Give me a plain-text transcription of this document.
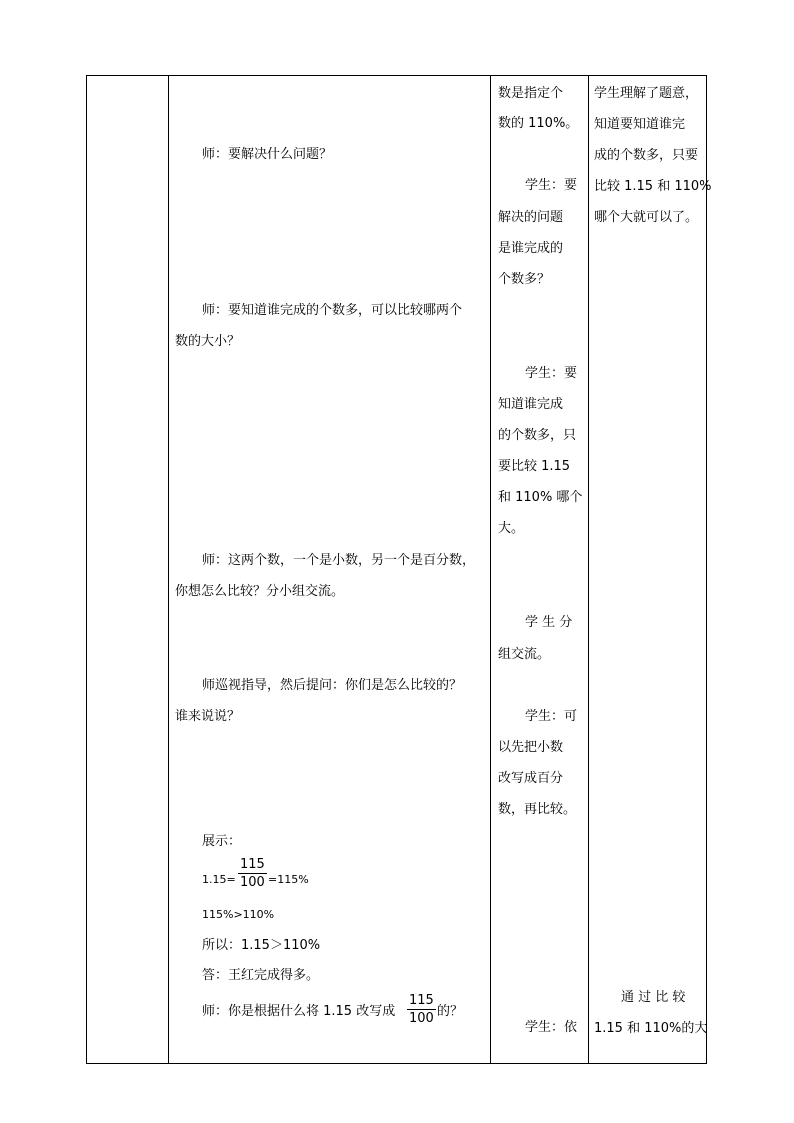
师：要解决什么问题？
师：要知道谁完成的个数多，可以比较哪两个
数的大小？
师：这两个数，一个是小数，另一个是百分数，
你想怎么比较？分小组交流。
师巡视指导，然后提问：你们是怎么比较的？
谁来说说？
展示：
$1.15= \frac{115}{100} =115\%$
115%>110%
所以：1.15＞110%
答：王红完成得多。
师：你是根据什么将 1.15 改写成 $\frac{115}{100}$ 的？
数是指定个
数的 110%。
学生：要
解决的问题
是谁完成的
个数多？
学生：要
知道谁完成
的个数多，只
要比较 1.15
和 110% 哪个
大。
学 生 分
组交流。
学生：可
以先把小数
改写成百分
数，再比较。
学生：依
学生理解了题意，
知道要知道谁完
成的个数多，只要
比较 1.15 和 110%
哪个大就可以了。
通 过 比 较
1.15 和 110%的大
